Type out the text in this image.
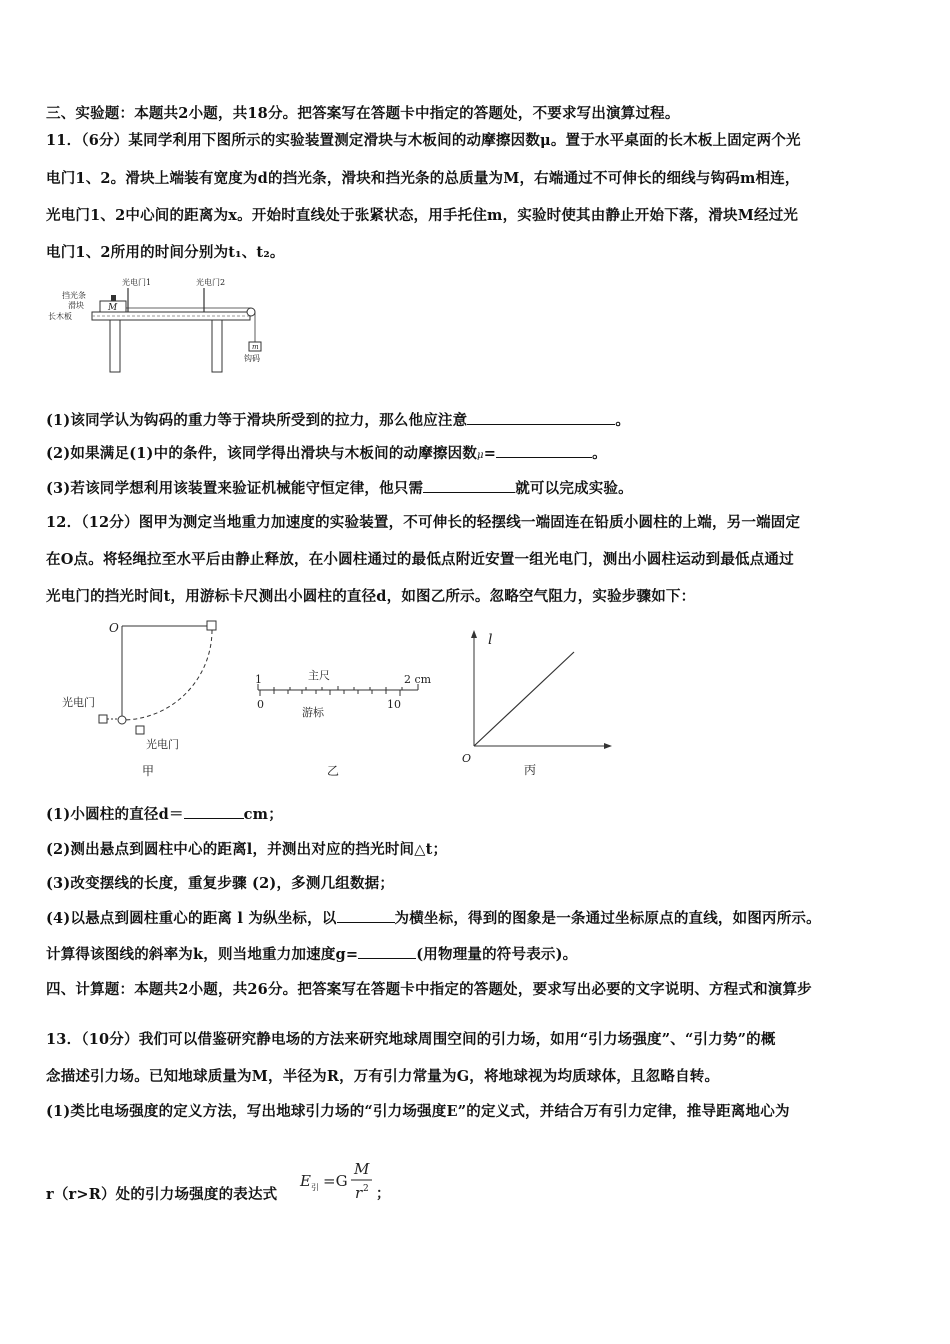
三、实验题：本题共2小题，共18分。把答案写在答题卡中指定的答题处，不要求写出演算过程。
11．（6分）某同学利用下图所示的实验装置测定滑块与木板间的动摩擦因数μ。置于水平桌面的长木板上固定两个光
电门1、2。滑块上端装有宽度为d的挡光条，滑块和挡光条的总质量为M，右端通过不可伸长的细线与钩码m相连，
光电门1、2中心间的距离为x。开始时直线处于张紧状态，用手托住m，实验时使其由静止开始下落，滑块M经过光
电门1、2所用的时间分别为t₁、t₂。
M
m
挡光条
滑块
长木板
光电门1	光电门2
钩码
(1)该同学认为钩码的重力等于滑块所受到的拉力，那么他应注意	。
(2)如果满足(1)中的条件，该同学得出滑块与木板间的动摩擦因数μ=	。
(3)若该同学想利用该装置来验证机械能守恒定律，他只需	就可以完成实验。
12．（12分）图甲为测定当地重力加速度的实验装置，不可伸长的轻摆线一端固连在铅质小圆柱的上端，另一端固定
在O点。将轻绳拉至水平后由静止释放，在小圆柱通过的最低点附近安置一组光电门，测出小圆柱运动到最低点通过
光电门的挡光时间t，用游标卡尺测出小圆柱的直径d，如图乙所示。忽略空气阻力，实验步骤如下：
O
光电门
光电门
甲
主尺
1	2 cm
0	10
游标
乙
l
O
丙
(1)小圆柱的直径d＝	cm；
(2)测出悬点到圆柱中心的距离l，并测出对应的挡光时间△t；
(3)改变摆线的长度，重复步骤 (2)，多测几组数据；
(4)以悬点到圆柱重心的距离 l 为纵坐标，以	为横坐标，得到的图象是一条通过坐标原点的直线，如图丙所示。
计算得该图线的斜率为k，则当地重力加速度g=	(用物理量的符号表示)。
四、计算题：本题共2小题，共26分。把答案写在答题卡中指定的答题处，要求写出必要的文字说明、方程式和演算步
13．（10分）我们可以借鉴研究静电场的方法来研究地球周围空间的引力场，如用“引力场强度”、“引力势”的概
念描述引力场。已知地球质量为M，半径为R，万有引力常量为G，将地球视为均质球体，且忽略自转。
(1)类比电场强度的定义方法，写出地球引力场的“引力场强度E”的定义式，并结合万有引力定律，推导距离地心为
r（r>R）处的引力场强度的表达式
E 引 =G
M
r 2 ；
